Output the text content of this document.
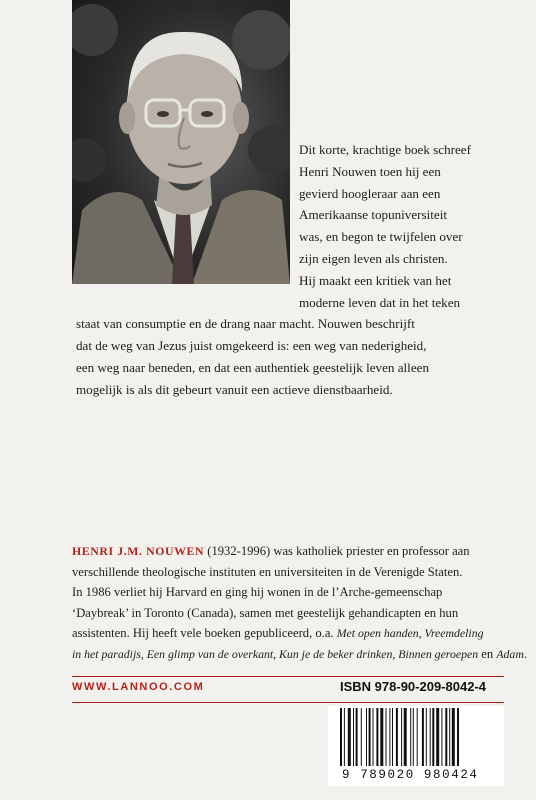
Dit korte, krachtige boek schreef
Henri Nouwen toen hij een
gevierd hoogleraar aan een
Amerikaanse topuniversiteit
was, en begon te twijfelen over
zijn eigen leven als christen.
Hij maakt een kritiek van het
moderne leven dat in het teken
staat van consumptie en de drang naar macht. Nouwen beschrijft
dat de weg van Jezus juist omgekeerd is: een weg van nederigheid,
een weg naar beneden, en dat een authentiek geestelijk leven alleen
mogelijk is als dit gebeurt vanuit een actieve dienstbaarheid.

HENRI J.M. NOUWEN (1932-1996) was katholiek priester en professor aan
verschillende theologische instituten en universiteiten in de Verenigde Staten.
In 1986 verliet hij Harvard en ging hij wonen in de l’Arche-gemeenschap
‘Daybreak’ in Toronto (Canada), samen met geestelijk gehandicapten en hun
assistenten. Hij heeft vele boeken gepubliceerd, o.a. Met open handen, Vreemdeling
in het paradijs, Een glimp van de overkant, Kun je de beker drinken, Binnen geroepen en Adam.

WWW.LANNOO.COM	ISBN 978-90-209-8042-4
9 789020 980424
